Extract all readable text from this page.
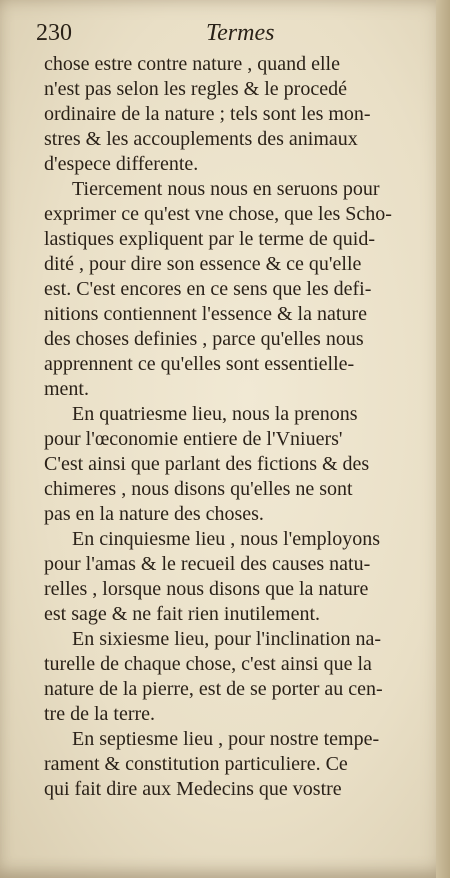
230	Termes
chose estre contre nature , quand elle
n'est pas selon les regles & le procedé
ordinaire de la nature ; tels sont les mon-
stres & les accouplements des animaux
d'espece differente.
Tiercement nous nous en seruons pour
exprimer ce qu'est vne chose, que les Scho-
lastiques expliquent par le terme de quid-
dité , pour dire son essence & ce qu'elle
est. C'est encores en ce sens que les defi-
nitions contiennent l'essence & la nature
des choses definies , parce qu'elles nous
apprennent ce qu'elles sont essentielle-
ment.
En quatriesme lieu, nous la prenons
pour l'œconomie entiere de l'Vniuers'
C'est ainsi que parlant des fictions & des
chimeres , nous disons qu'elles ne sont
pas en la nature des choses.
En cinquiesme lieu , nous l'employons
pour l'amas & le recueil des causes natu-
relles , lorsque nous disons que la nature
est sage & ne fait rien inutilement.
En sixiesme lieu, pour l'inclination na-
turelle de chaque chose, c'est ainsi que la
nature de la pierre, est de se porter au cen-
tre de la terre.
En septiesme lieu , pour nostre tempe-
rament & constitution particuliere. Ce
qui fait dire aux Medecins que vostre
